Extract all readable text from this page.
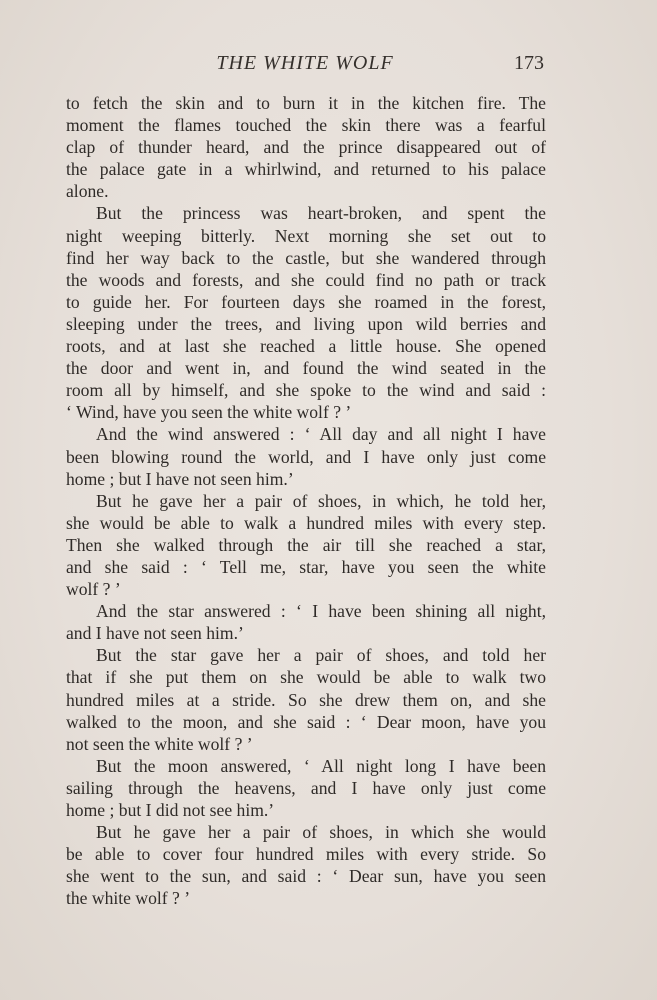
THE WHITE WOLF	173
to fetch the skin and to burn it in the kitchen fire. The
moment the flames touched the skin there was a fearful
clap of thunder heard, and the prince disappeared out of
the palace gate in a whirlwind, and returned to his palace
alone.
But the princess was heart-broken, and spent the
night weeping bitterly. Next morning she set out to
find her way back to the castle, but she wandered through
the woods and forests, and she could find no path or track
to guide her. For fourteen days she roamed in the forest,
sleeping under the trees, and living upon wild berries and
roots, and at last she reached a little house. She opened
the door and went in, and found the wind seated in the
room all by himself, and she spoke to the wind and said :
‘ Wind, have you seen the white wolf ? ’
And the wind answered : ‘ All day and all night I have
been blowing round the world, and I have only just come
home ; but I have not seen him.’
But he gave her a pair of shoes, in which, he told her,
she would be able to walk a hundred miles with every step.
Then she walked through the air till she reached a star,
and she said : ‘ Tell me, star, have you seen the white
wolf ? ’
And the star answered : ‘ I have been shining all night,
and I have not seen him.’
But the star gave her a pair of shoes, and told her
that if she put them on she would be able to walk two
hundred miles at a stride. So she drew them on, and she
walked to the moon, and she said : ‘ Dear moon, have you
not seen the white wolf ? ’
But the moon answered, ‘ All night long I have been
sailing through the heavens, and I have only just come
home ; but I did not see him.’
But he gave her a pair of shoes, in which she would
be able to cover four hundred miles with every stride. So
she went to the sun, and said : ‘ Dear sun, have you seen
the white wolf ? ’
